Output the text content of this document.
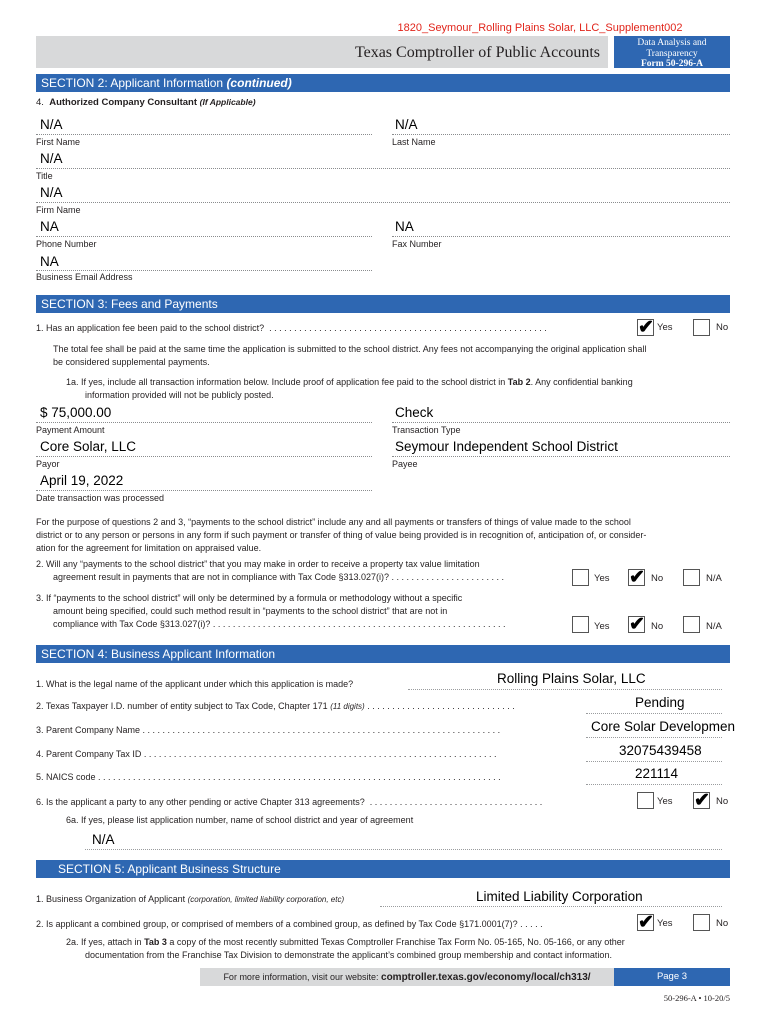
1820_Seymour_Rolling Plains Solar, LLC_Supplement002
Texas Comptroller of Public Accounts
Data Analysis and
Transparency
Form 50-296-A
SECTION 2: Applicant Information (continued)
4. Authorized Company Consultant (If Applicable)
N/A
First Name
N/A
Last Name
N/A
Title
N/A
Firm Name
NA
Phone Number
NA
Fax Number
NA
Business Email Address
SECTION 3: Fees and Payments
1. Has an application fee been paid to the school district? . . . . . . . . . . . . . . . . . . . . . . . . . . . . . . . . . . . . . . . . . . . . . . . . . . . . . . . .	✔ Yes	No
The total fee shall be paid at the same time the application is submitted to the school district. Any fees not accompanying the original application shall
be considered supplemental payments.
1a. If yes, include all transaction information below. Include proof of application fee paid to the school district in Tab 2. Any confidential banking
information provided will not be publicly posted.
$ 75,000.00
Payment Amount
Check
Transaction Type
Core Solar, LLC
Payor
Seymour Independent School District
Payee
April 19, 2022
Date transaction was processed
For the purpose of questions 2 and 3, “payments to the school district” include any and all payments or transfers of things of value made to the school
district or to any person or persons in any form if such payment or transfer of thing of value being provided is in recognition of, anticipation of, or consider-
ation for the agreement for limitation on appraised value.
2. Will any “payments to the school district” that you may make in order to receive a property tax value limitation
agreement result in payments that are not in compliance with Tax Code §313.027(i)? . . . . . . . . . . . . . . . . . . . . . . .	Yes ✔ No	N/A
3. If “payments to the school district” will only be determined by a formula or methodology without a specific
amount being specified, could such method result in “payments to the school district” that are not in
compliance with Tax Code §313.027(i)? . . . . . . . . . . . . . . . . . . . . . . . . . . . . . . . . . . . . . . . . . . . . . . . . . . . . . . . . . . .	Yes ✔ No	N/A
SECTION 4: Business Applicant Information
1. What is the legal name of the applicant under which this application is made?	Rolling Plains Solar, LLC
2. Texas Taxpayer I.D. number of entity subject to Tax Code, Chapter 171 (11 digits) . . . . . . . . . . . . . . . . . . . . . . . . . . . . . .	Pending
3. Parent Company Name . . . . . . . . . . . . . . . . . . . . . . . . . . . . . . . . . . . . . . . . . . . . . . . . . . . . . . . . . . . . . . . . . . . . . . . .	Core Solar Developmen
4. Parent Company Tax ID . . . . . . . . . . . . . . . . . . . . . . . . . . . . . . . . . . . . . . . . . . . . . . . . . . . . . . . . . . . . . . . . . . . . . . .	32075439458
5. NAICS code . . . . . . . . . . . . . . . . . . . . . . . . . . . . . . . . . . . . . . . . . . . . . . . . . . . . . . . . . . . . . . . . . . . . . . . . . . . . . . . . .	221114
6. Is the applicant a party to any other pending or active Chapter 313 agreements? . . . . . . . . . . . . . . . . . . . . . . . . . . . . . . . . . . .	Yes ✔ No
6a. If yes, please list application number, name of school district and year of agreement
N/A
SECTION 5: Applicant Business Structure
1. Business Organization of Applicant (corporation, limited liability corporation, etc)	Limited Liability Corporation
2. Is applicant a combined group, or comprised of members of a combined group, as defined by Tax Code §171.0001(7)? . . . . .	✔ Yes	No
2a. If yes, attach in Tab 3 a copy of the most recently submitted Texas Comptroller Franchise Tax Form No. 05-165, No. 05-166, or any other
documentation from the Franchise Tax Division to demonstrate the applicant’s combined group membership and contact information.
For more information, visit our website: comptroller.texas.gov/economy/local/ch313/	Page 3
50-296-A • 10-20/5
